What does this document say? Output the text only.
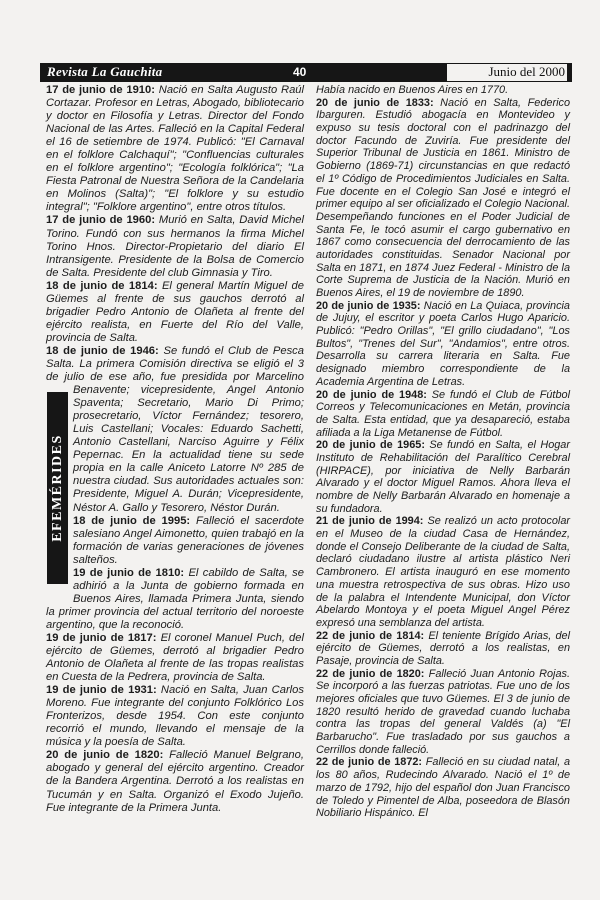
Revista La Gauchita	40	Junio del 2000
EFEMÉRIDES

17 de junio de 1910: Nació en Salta Augusto Raúl Cortazar. Profesor en Letras, Abogado, bibliotecario y doctor en Filosofía y Letras. Director del Fondo Nacional de las Artes. Falleció en la Capital Federal el 16 de setiembre de 1974. Publicó: "El Carnaval en el folklore Calchaquí"; "Confluencias culturales en el folklore argentino"; "Ecología folklórica"; "La Fiesta Patronal de Nuestra Señora de la Candelaria en Molinos (Salta)"; "El folklore y su estudio integral"; "Folklore argentino", entre otros títulos.

17 de junio de 1960: Murió en Salta, David Michel Torino. Fundó con sus hermanos la firma Michel Torino Hnos. Director-Propietario del diario El Intransigente. Presidente de la Bolsa de Comercio de Salta. Presidente del club Gimnasia y Tiro.

18 de junio de 1814: El general Martín Miguel de Güemes al frente de sus gauchos derrotó al brigadier Pedro Antonio de Olañeta al frente del ejército realista, en Fuerte del Río del Valle, provincia de Salta.

18 de junio de 1946: Se fundó el Club de Pesca Salta. La primera Comisión directiva se eligió el 3 de julio de ese año, fue presidida por Marcelino Benavente; vicepresidente, Angel Antonio Spaventa; Secretario, Mario Di Primo; prosecretario, Víctor Fernández; tesorero, Luis Castellani; Vocales: Eduardo Sachetti, Antonio Castellani, Narciso Aguirre y Félix Pepernac. En la actualidad tiene su sede propia en la calle Aniceto Latorre Nº 285 de nuestra ciudad. Sus autoridades actuales son: Presidente, Miguel A. Durán; Vicepresidente, Néstor A. Gallo y Tesorero, Néstor Durán.

18 de junio de 1995: Falleció el sacerdote salesiano Angel Aimonetto, quien trabajó en la formación de varias generaciones de jóvenes salteños.

19 de junio de 1810: El cabildo de Salta, se adhirió a la Junta de gobierno formada en Buenos Aires, llamada Primera Junta, siendo la primer provincia del actual territorio del noroeste argentino, que la reconoció.

19 de junio de 1817: El coronel Manuel Puch, del ejército de Güemes, derrotó al brigadier Pedro Antonio de Olañeta al frente de las tropas realistas en Cuesta de la Pedrera, provincia de Salta.

19 de junio de 1931: Nació en Salta, Juan Carlos Moreno. Fue integrante del conjunto Folklórico Los Fronterizos, desde 1954. Con este conjunto recorrió el mundo, llevando el mensaje de la música y la poesía de Salta.

20 de junio de 1820: Falleció Manuel Belgrano, abogado y general del ejército argentino. Creador de la Bandera Argentina. Derrotó a los realistas en Tucumán y en Salta. Organizó el Exodo Jujeño. Fue integrante de la Primera Junta.

Había nacido en Buenos Aires en 1770.

20 de junio de 1833: Nació en Salta, Federico Ibarguren. Estudió abogacía en Montevideo y expuso su tesis doctoral con el padrinazgo del doctor Facundo de Zuviría. Fue presidente del Superior Tribunal de Justicia en 1861. Ministro de Gobierno (1869-71) circunstancias en que redactó el 1º Código de Procedimientos Judiciales en Salta. Fue docente en el Colegio San José e integró el primer equipo al ser oficializado el Colegio Nacional. Desempeñando funciones en el Poder Judicial de Santa Fe, le tocó asumir el cargo gubernativo en 1867 como consecuencia del derrocamiento de las autoridades constituidas. Senador Nacional por Salta en 1871, en 1874 Juez Federal - Ministro de la Corte Suprema de Justicia de la Nación. Murió en Buenos Aires, el 19 de noviembre de 1890.

20 de junio de 1935: Nació en La Quiaca, provincia de Jujuy, el escritor y poeta Carlos Hugo Aparicio. Publicó: "Pedro Orillas", "El grillo ciudadano", "Los Bultos", "Trenes del Sur", "Andamios", entre otros. Desarrolla su carrera literaria en Salta. Fue designado miembro correspondiente de la Academia Argentina de Letras.

20 de junio de 1948: Se fundó el Club de Fútbol Correos y Telecomunicaciones en Metán, provincia de Salta. Esta entidad, que ya desapareció, estaba afiliada a la Liga Metanense de Fútbol.

20 de junio de 1965: Se fundó en Salta, el Hogar Instituto de Rehabilitación del Paralítico Cerebral (HIRPACE), por iniciativa de Nelly Barbarán Alvarado y el doctor Miguel Ramos. Ahora lleva el nombre de Nelly Barbarán Alvarado en homenaje a su fundadora.

21 de junio de 1994: Se realizó un acto protocolar en el Museo de la ciudad Casa de Hernández, donde el Consejo Deliberante de la ciudad de Salta, declaró ciudadano ilustre al artista plástico Neri Cambronero. El artista inauguró en ese momento una muestra retrospectiva de sus obras. Hizo uso de la palabra el Intendente Municipal, don Víctor Abelardo Montoya y el poeta Miguel Angel Pérez expresó una semblanza del artista.

22 de junio de 1814: El teniente Brígido Arias, del ejército de Güemes, derrotó a los realistas, en Pasaje, provincia de Salta.

22 de junio de 1820: Falleció Juan Antonio Rojas. Se incorporó a las fuerzas patriotas. Fue uno de los mejores oficiales que tuvo Güemes. El 3 de junio de 1820 resultó herido de gravedad cuando luchaba contra las tropas del general Valdés (a) "El Barbarucho". Fue trasladado por sus gauchos a Cerrillos donde falleció.

22 de junio de 1872: Falleció en su ciudad natal, a los 80 años, Rudecindo Alvarado. Nació el 1º de marzo de 1792, hijo del español don Juan Francisco de Toledo y Pimentel de Alba, poseedora de Blasón Nobiliario Hispánico. El
